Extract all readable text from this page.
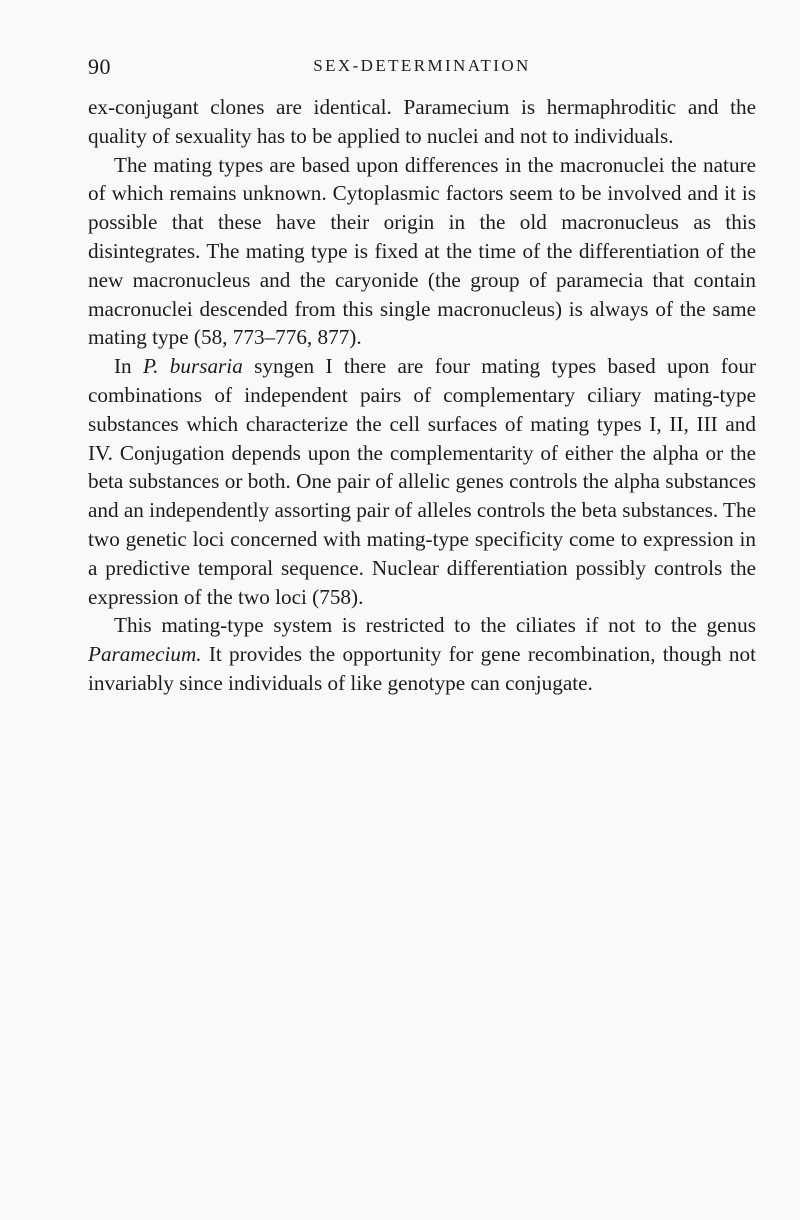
90	SEX-DETERMINATION

ex-conjugant clones are identical. Paramecium is hermaphroditic and the quality of sexuality has to be applied to nuclei and not to individuals.

The mating types are based upon differences in the macronuclei the nature of which remains unknown. Cytoplasmic factors seem to be involved and it is possible that these have their origin in the old macronucleus as this disintegrates. The mating type is fixed at the time of the differentiation of the new macronucleus and the caryonide (the group of paramecia that contain macronuclei descended from this single macronucleus) is always of the same mating type (58, 773–776, 877).

In P. bursaria syngen I there are four mating types based upon four combinations of independent pairs of complementary ciliary mating-type substances which characterize the cell surfaces of mating types I, II, III and IV. Conjugation depends upon the complementarity of either the alpha or the beta substances or both. One pair of allelic genes controls the alpha substances and an independently assorting pair of alleles controls the beta substances. The two genetic loci concerned with mating-type specificity come to expression in a predictive temporal sequence. Nuclear differentiation possibly controls the expression of the two loci (758).

This mating-type system is restricted to the ciliates if not to the genus Paramecium. It provides the opportunity for gene recombination, though not invariably since individuals of like genotype can conjugate.
